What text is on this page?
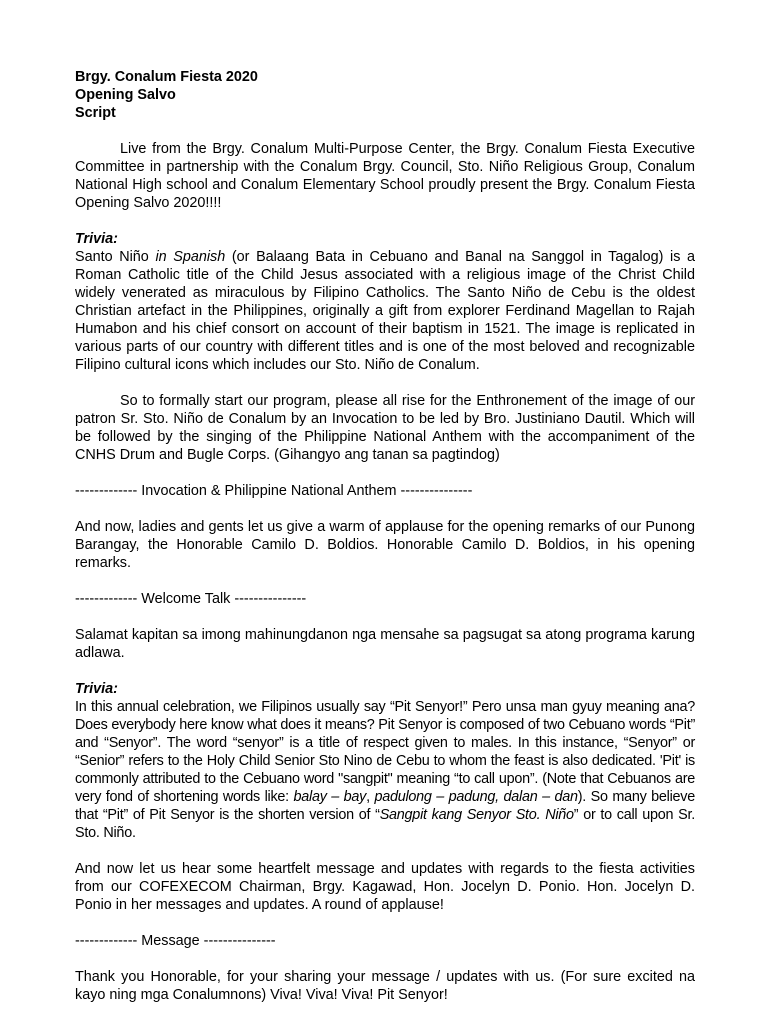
Brgy. Conalum Fiesta 2020
Opening Salvo
Script

Live from the Brgy. Conalum Multi-Purpose Center, the Brgy. Conalum Fiesta Executive Committee in partnership with the Conalum Brgy. Council, Sto. Niño Religious Group, Conalum National High school and Conalum Elementary School proudly present the Brgy. Conalum Fiesta Opening Salvo 2020!!!!

Trivia:

Santo Niño in Spanish (or Balaang Bata in Cebuano and Banal na Sanggol in Tagalog) is a Roman Catholic title of the Child Jesus associated with a religious image of the Christ Child widely venerated as miraculous by Filipino Catholics. The Santo Niño de Cebu is the oldest Christian artefact in the Philippines, originally a gift from explorer Ferdinand Magellan to Rajah Humabon and his chief consort on account of their baptism in 1521. The image is replicated in various parts of our country with different titles and is one of the most beloved and recognizable Filipino cultural icons which includes our Sto. Niño de Conalum.

So to formally start our program, please all rise for the Enthronement of the image of our patron Sr. Sto. Niño de Conalum by an Invocation to be led by Bro. Justiniano Dautil. Which will be followed by the singing of the Philippine National Anthem with the accompaniment of the CNHS Drum and Bugle Corps. (Gihangyo ang tanan sa pagtindog)

------------- Invocation & Philippine National Anthem ---------------

And now, ladies and gents let us give a warm of applause for the opening remarks of our Punong Barangay, the Honorable Camilo D. Boldios. Honorable Camilo D. Boldios, in his opening remarks.

------------- Welcome Talk ---------------

Salamat kapitan sa imong mahinungdanon nga mensahe sa pagsugat sa atong programa karung adlawa.

Trivia:

In this annual celebration, we Filipinos usually say “Pit Senyor!” Pero unsa man gyuy meaning ana? Does everybody here know what does it means? Pit Senyor is composed of two Cebuano words “Pit” and “Senyor”. The word “senyor” is a title of respect given to males. In this instance, “Senyor” or “Senior” refers to the Holy Child Senior Sto Nino de Cebu to whom the feast is also dedicated. 'Pit' is commonly attributed to the Cebuano word "sangpit" meaning “to call upon”. (Note that Cebuanos are very fond of shortening words like: balay – bay, padulong – padung, dalan – dan). So many believe that “Pit” of Pit Senyor is the shorten version of “Sangpit kang Senyor Sto. Niño” or to call upon Sr. Sto. Niño.

And now let us hear some heartfelt message and updates with regards to the fiesta activities from our COFEXECOM Chairman, Brgy. Kagawad, Hon. Jocelyn D. Ponio. Hon. Jocelyn D. Ponio in her messages and updates. A round of applause!

------------- Message ---------------

Thank you Honorable, for your sharing your message / updates with us. (For sure excited na kayo ning mga Conalumnons) Viva! Viva! Viva! Pit Senyor!
